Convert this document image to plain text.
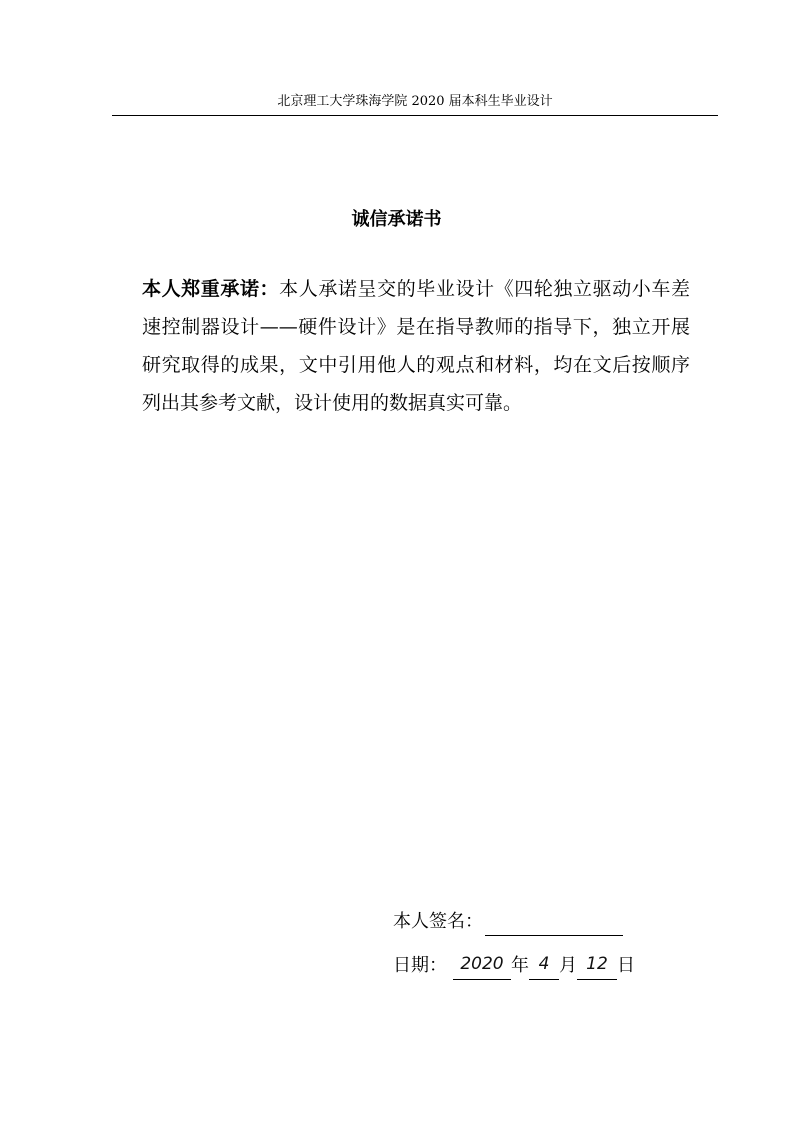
北京理工大学珠海学院 2020 届本科生毕业设计
诚信承诺书
本人郑重承诺：本人承诺呈交的毕业设计《四轮独立驱动小车差速控制器设计——硬件设计》是在指导教师的指导下，独立开展研究取得的成果，文中引用他人的观点和材料，均在文后按顺序列出其参考文献，设计使用的数据真实可靠。
本人签名：
日期： 2020 年 4 月 12 日
